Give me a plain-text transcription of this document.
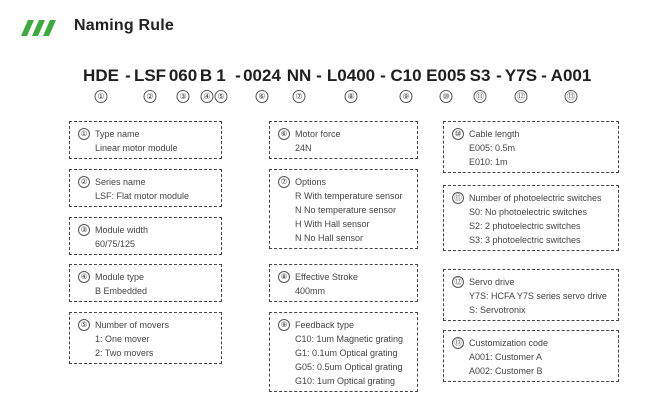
Naming Rule
HDE - LSF 060 B 1 - 0024 NN - L0400 - C10 E005 S3 - Y7S - A001
①	②	③	④ ⑤	⑥	⑦	⑧	⑨	⑩	⑪	⑫	⑬
① Type name
Linear motor module
② Series name
LSF: Flat motor module
③ Module width
60/75/125
④ Module type
B Embedded
⑤ Number of movers
1: One mover
2: Two movers
⑥ Motor force
24N
⑦ Options
R With temperature sensor
N No temperature sensor
H With Hall sensor
N No Hall sensor
⑧ Effective Stroke
400mm
⑨ Feedback type
C10: 1um Magnetic grating
G1: 0.1um Optical grating
G05: 0.5um Optical grating
G10: 1um Optical grating
⑩ Cable length
E005: 0.5m
E010: 1m
⑪ Number of photoelectric switches
S0: No photoelectric switches
S2: 2 photoelectric switches
S3: 3 photoelectric switches
⑫ Servo drive
Y7S: HCFA Y7S series servo drive
S: Servotronix
⑬ Customization code
A001: Customer A
A002: Customer B
